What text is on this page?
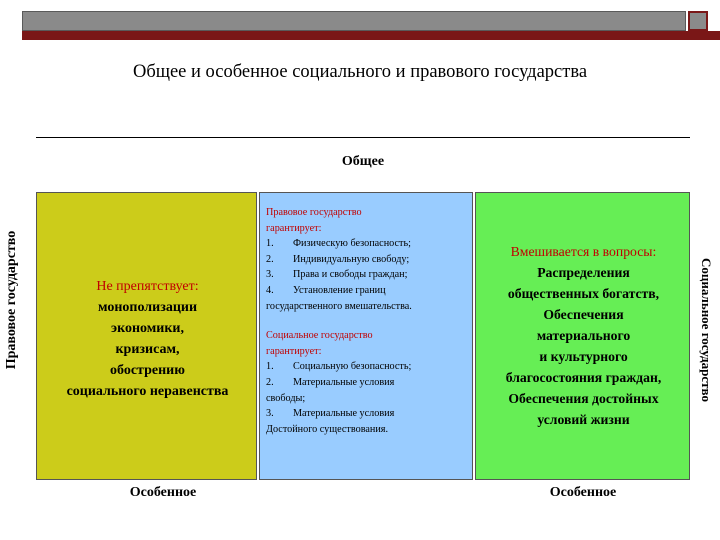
Общее и особенное социального и правового государства
Общее
Правовое государство	Социальное государство
Не препятствует:
монополизации
экономики,
кризисам,
обострению
социального неравенства
Правовое государство
гарантирует:
1.	Физическую безопасность;
2.	Индивидуальную свободу;
3.	Права и свободы граждан;
4.	Установление границ
государственного вмешательства.
Социальное государство
гарантирует:
1.	Социальную безопасность;
2.	Материальные условия
свободы;
3.	Материальные условия
Достойного существования.
Вмешивается в вопросы:
Распределения
общественных богатств,
Обеспечения
материального
и культурного
благосостояния граждан,
Обеспечения достойных
условий жизни
Особенное	Особенное
